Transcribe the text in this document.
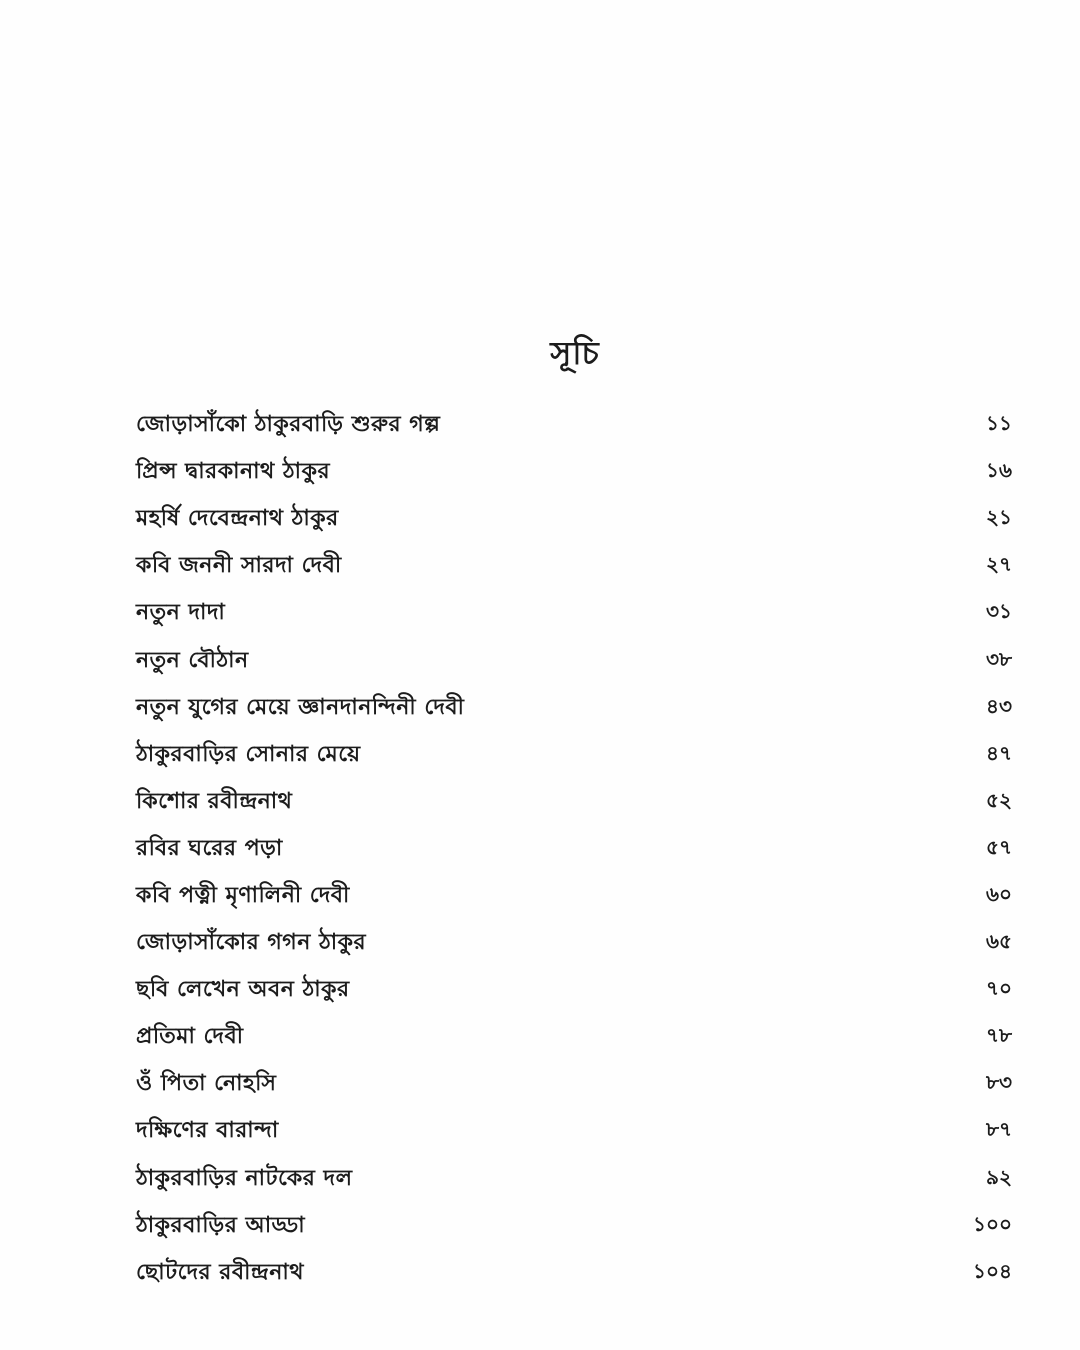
সূচি
জোড়াসাঁকো ঠাকুরবাড়ি শুরুর গল্প	১১
প্রিন্স দ্বারকানাথ ঠাকুর	১৬
মহর্ষি দেবেন্দ্রনাথ ঠাকুর	২১
কবি জননী সারদা দেবী	২৭
নতুন দাদা	৩১
নতুন বৌঠান	৩৮
নতুন যুগের মেয়ে জ্ঞানদানন্দিনী দেবী	৪৩
ঠাকুরবাড়ির সোনার মেয়ে	৪৭
কিশোর রবীন্দ্রনাথ	৫২
রবির ঘরের পড়া	৫৭
কবি পত্নী মৃণালিনী দেবী	৬০
জোড়াসাঁকোর গগন ঠাকুর	৬৫
ছবি লেখেন অবন ঠাকুর	৭০
প্রতিমা দেবী	৭৮
ওঁ পিতা নোহসি	৮৩
দক্ষিণের বারান্দা	৮৭
ঠাকুরবাড়ির নাটকের দল	৯২
ঠাকুরবাড়ির আড্ডা	১০০
ছোটদের রবীন্দ্রনাথ	১০৪
